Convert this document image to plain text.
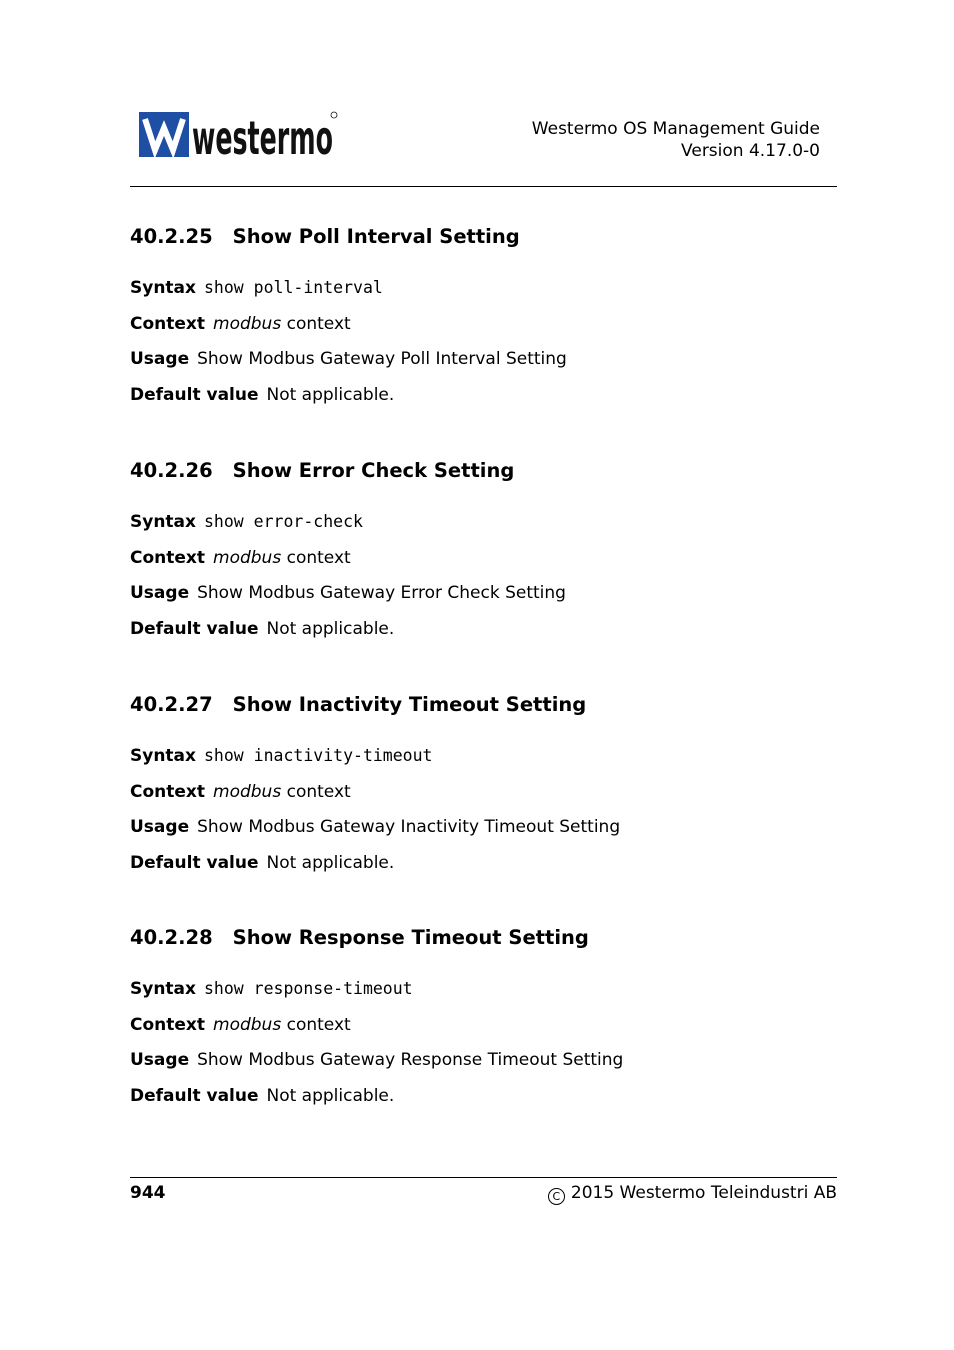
westermo	Westermo OS Management Guide
Version 4.17.0-0
40.2.25 Show Poll Interval Setting
Syntax show poll-interval
Context modbus context
Usage Show Modbus Gateway Poll Interval Setting
Default value Not applicable.
40.2.26 Show Error Check Setting
Syntax show error-check
Context modbus context
Usage Show Modbus Gateway Error Check Setting
Default value Not applicable.
40.2.27 Show Inactivity Timeout Setting
Syntax show inactivity-timeout
Context modbus context
Usage Show Modbus Gateway Inactivity Timeout Setting
Default value Not applicable.
40.2.28 Show Response Timeout Setting
Syntax show response-timeout
Context modbus context
Usage Show Modbus Gateway Response Timeout Setting
Default value Not applicable.
944	C 2015 Westermo Teleindustri AB
